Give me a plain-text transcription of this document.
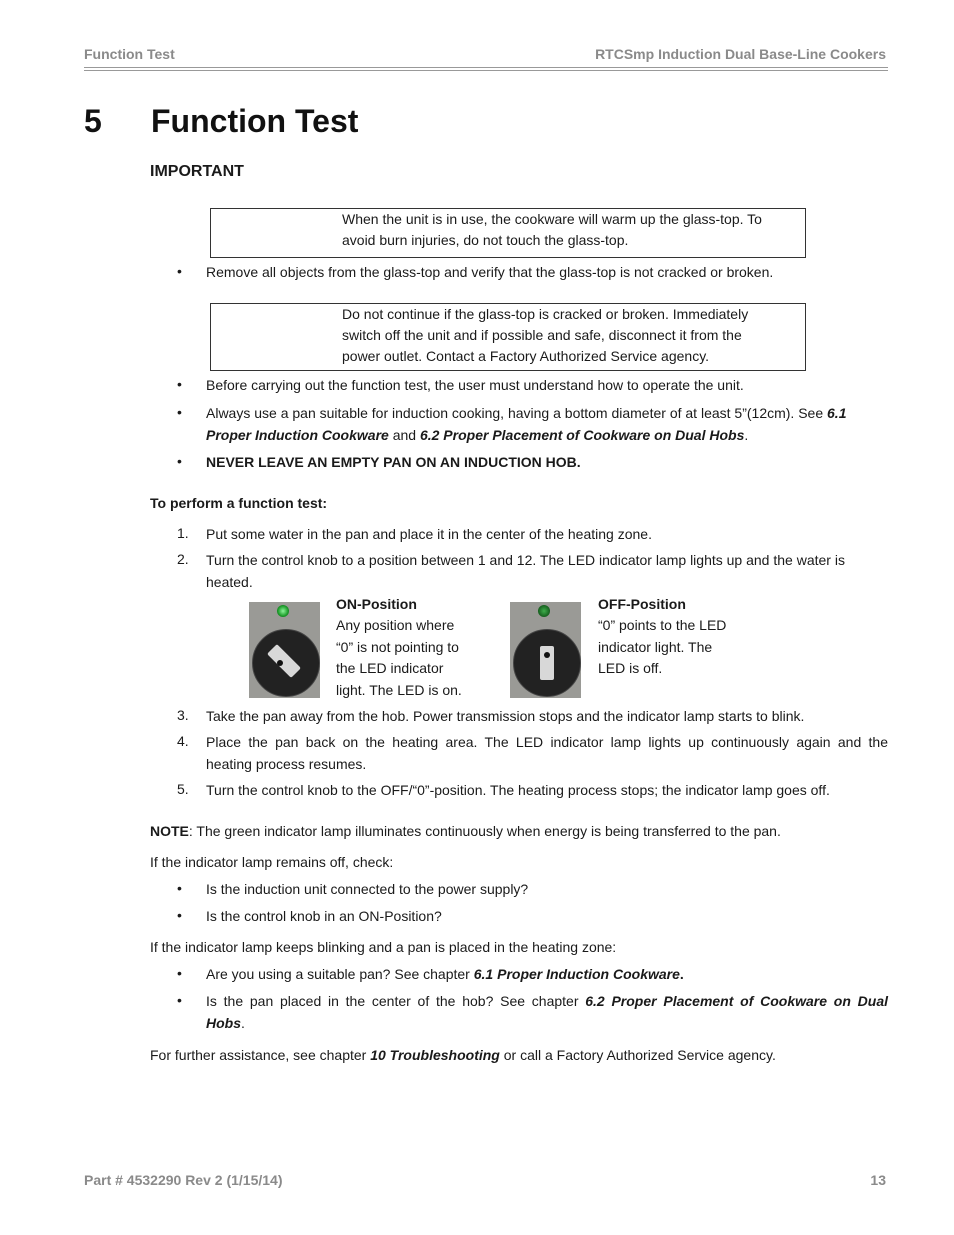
Function Test	RTCSmp Induction Dual Base-Line Cookers
5 Function Test
IMPORTANT

When the unit is in use, the cookware will warm up the glass-top. To

avoid burn injuries, do not touch the glass-top.

• Remove all objects from the glass-top and verify that the glass-top is not cracked or broken.

Do not continue if the glass-top is cracked or broken. Immediately

switch off the unit and if possible and safe, disconnect it from the

power outlet. Contact a Factory Authorized Service agency.

• Before carrying out the function test, the user must understand how to operate the unit.
• Always use a pan suitable for induction cooking, having a bottom diameter of at least 5”(12cm). See 6.1
Proper Induction Cookware and 6.2 Proper Placement of Cookware on Dual Hobs.
• NEVER LEAVE AN EMPTY PAN ON AN INDUCTION HOB.
To perform a function test:
1. Put some water in the pan and place it in the center of the heating zone.
2. Turn the control knob to a position between 1 and 12. The LED indicator lamp lights up and the water is
heated.
ON-Position
Any position where
“0” is not pointing to
the LED indicator
light. The LED is on.
OFF-Position
“0” points to the LED
indicator light. The
LED is off.
3. Take the pan away from the hob. Power transmission stops and the indicator lamp starts to blink.
4. Place the pan back on the heating area. The LED indicator lamp lights up continuously again and the
heating process resumes.
5. Turn the control knob to the OFF/“0”-position. The heating process stops; the indicator lamp goes off.
NOTE: The green indicator lamp illuminates continuously when energy is being transferred to the pan.
If the indicator lamp remains off, check:
• Is the induction unit connected to the power supply?
• Is the control knob in an ON-Position?
If the indicator lamp keeps blinking and a pan is placed in the heating zone:
• Are you using a suitable pan? See chapter 6.1 Proper Induction Cookware.
• Is the pan placed in the center of the hob? See chapter 6.2 Proper Placement of Cookware on Dual
Hobs.
For further assistance, see chapter 10 Troubleshooting or call a Factory Authorized Service agency.
Part # 4532290 Rev 2 (1/15/14)	13
